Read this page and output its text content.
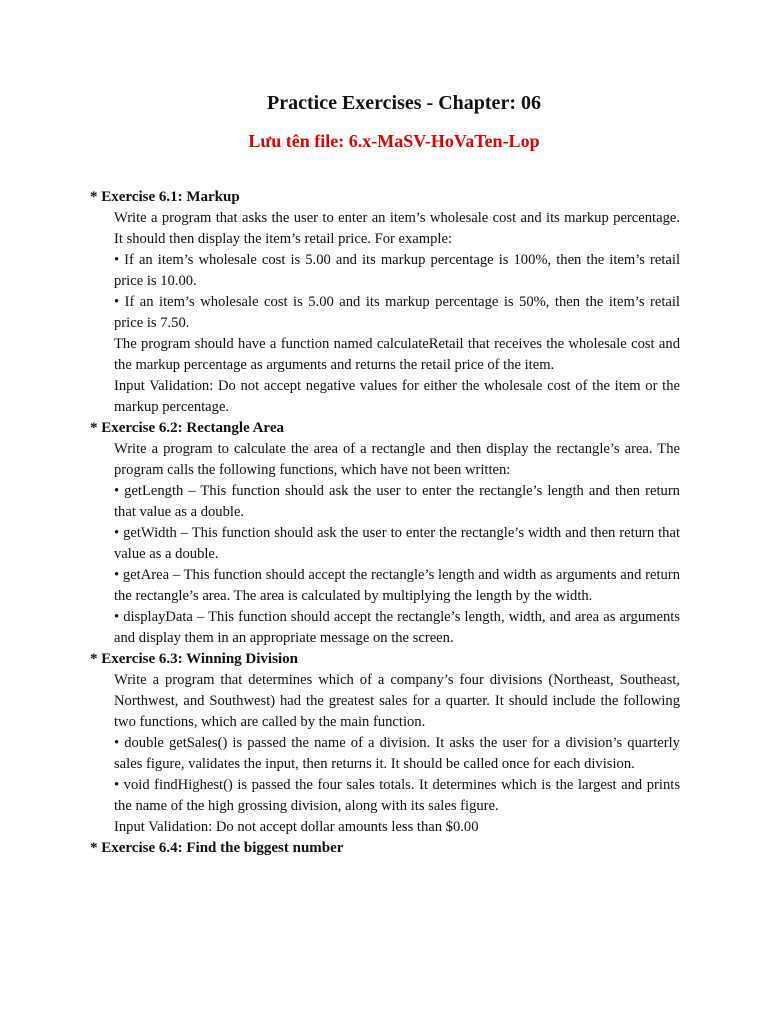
Practice Exercises - Chapter: 06
Lưu tên file: 6.x-MaSV-HoVaTen-Lop

* Exercise 6.1: Markup

Write a program that asks the user to enter an item’s wholesale cost and its markup percentage. It should then display the item’s retail price. For example:

• If an item’s wholesale cost is 5.00 and its markup percentage is 100%, then the item’s retail price is 10.00.

• If an item’s wholesale cost is 5.00 and its markup percentage is 50%, then the item’s retail price is 7.50.

The program should have a function named calculateRetail that receives the wholesale cost and the markup percentage as arguments and returns the retail price of the item.

Input Validation: Do not accept negative values for either the wholesale cost of the item or the markup percentage.

* Exercise 6.2: Rectangle Area

Write a program to calculate the area of a rectangle and then display the rectangle’s area. The program calls the following functions, which have not been written:

• getLength – This function should ask the user to enter the rectangle’s length and then return that value as a double.

• getWidth – This function should ask the user to enter the rectangle’s width and then return that value as a double.

• getArea – This function should accept the rectangle’s length and width as arguments and return the rectangle’s area. The area is calculated by multiplying the length by the width.

• displayData – This function should accept the rectangle’s length, width, and area as arguments and display them in an appropriate message on the screen.

* Exercise 6.3: Winning Division

Write a program that determines which of a company’s four divisions (Northeast, Southeast, Northwest, and Southwest) had the greatest sales for a quarter. It should include the following two functions, which are called by the main function.

• double getSales() is passed the name of a division. It asks the user for a division’s quarterly sales figure, validates the input, then returns it. It should be called once for each division.

• void findHighest() is passed the four sales totals. It determines which is the largest and prints the name of the high grossing division, along with its sales figure.

Input Validation: Do not accept dollar amounts less than $0.00

* Exercise 6.4: Find the biggest number
